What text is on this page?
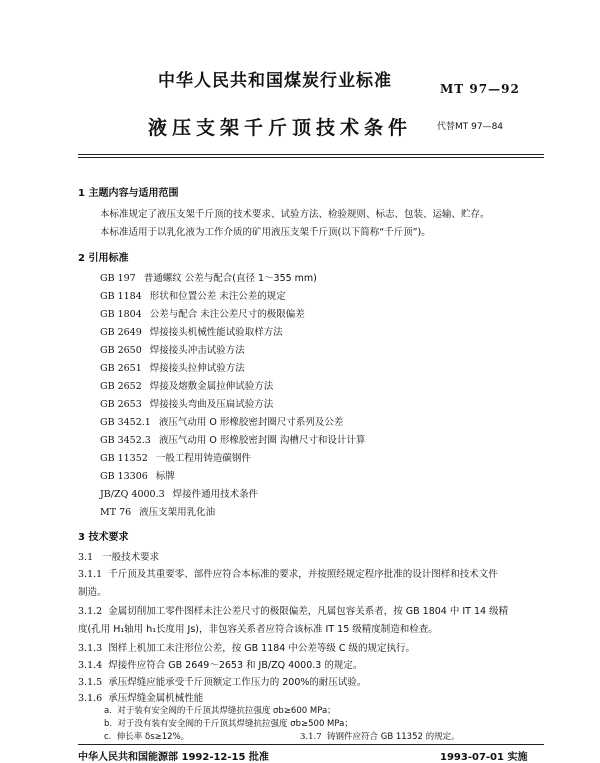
中华人民共和国煤炭行业标准	MT 97—92
液压支架千斤顶技术条件	代替MT 97—84
1 主题内容与适用范围
本标准规定了液压支架千斤顶的技术要求、试验方法、检验规则、标志、包装、运输、贮存。
本标准适用于以乳化液为工作介质的矿用液压支架千斤顶(以下简称“千斤顶”)。
2 引用标准
GB 197 普通螺纹 公差与配合(直径 1～355 mm)
GB 1184 形状和位置公差 未注公差的规定
GB 1804 公差与配合 未注公差尺寸的极限偏差
GB 2649 焊接接头机械性能试验取样方法
GB 2650 焊接接头冲击试验方法
GB 2651 焊接接头拉伸试验方法
GB 2652 焊接及熔敷金属拉伸试验方法
GB 2653 焊接接头弯曲及压扁试验方法
GB 3452.1 液压气动用 O 形橡胶密封圈尺寸系列及公差
GB 3452.3 液压气动用 O 形橡胶密封圈 沟槽尺寸和设计计算
GB 11352 一般工程用铸造碳钢件
GB 13306 标牌
JB/ZQ 4000.3 焊接件通用技术条件
MT 76 液压支架用乳化油
3 技术要求
3.1 一般技术要求
3.1.1 千斤顶及其重要零、部件应符合本标准的要求，并按照经规定程序批准的设计图样和技术文件
制造。
3.1.2 金属切削加工零件图样未注公差尺寸的极限偏差，凡属包容关系者，按 GB 1804 中 IT 14 级精
度(孔用 H₁轴用 h₁长度用 Js)，非包容关系者应符合该标准 IT 15 级精度制造和检查。
3.1.3 图样上机加工未注形位公差，按 GB 1184 中公差等级 C 级的规定执行。
3.1.4 焊接件应符合 GB 2649～2653 和 JB/ZQ 4000.3 的规定。
3.1.5 承压焊缝应能承受千斤顶额定工作压力的 200%的耐压试验。
3.1.6 承压焊缝金属机械性能
a. 对于装有安全阀的千斤顶其焊缝抗拉强度 σb≥600 MPa；
b. 对于没有装有安全阀的千斤顶其焊缝抗拉强度 σb≥500 MPa；
c. 伸长率 δs≥12%。	3.1.7 铸钢件应符合 GB 11352 的规定。
中华人民共和国能源部 1992-12-15 批准	1993-07-01 实施
